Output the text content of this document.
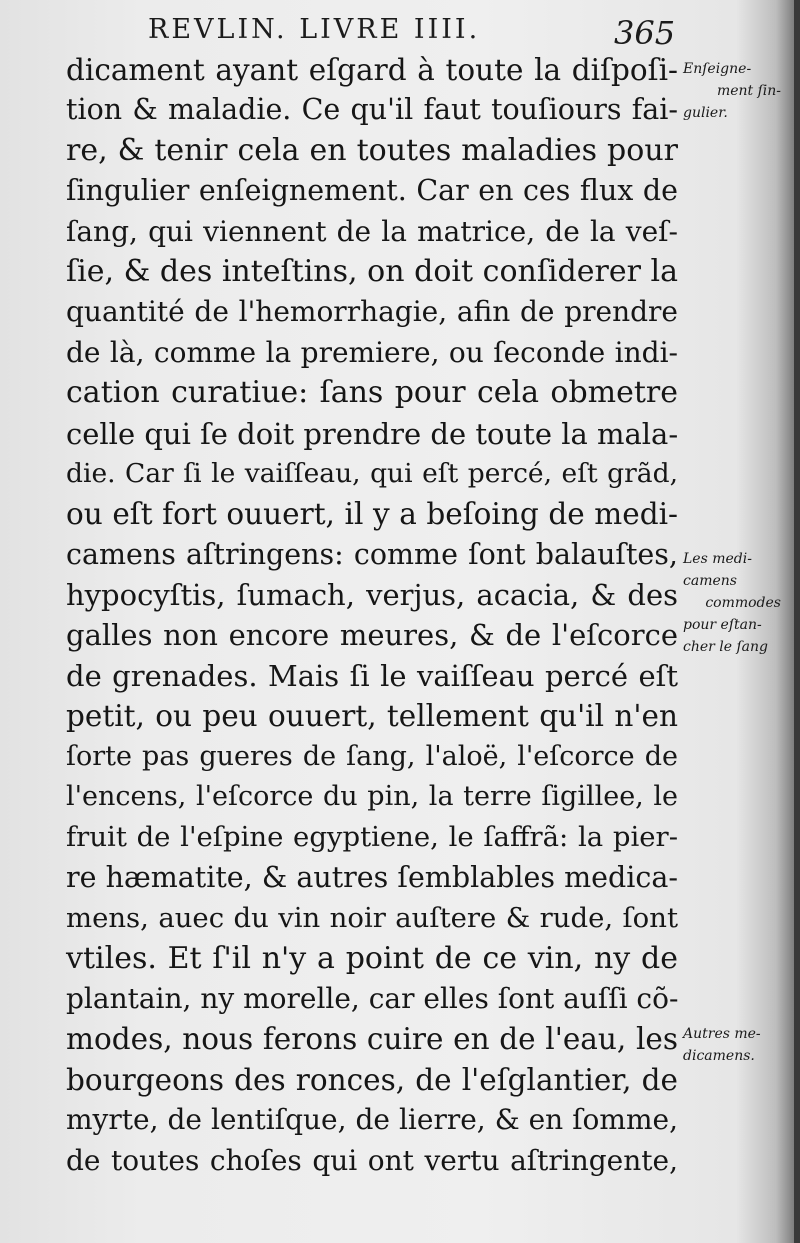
REVLIN. LIVRE IIII.	365
dicament ayant eſgard à toute la diſpoſi-
tion & maladie. Ce qu'il faut touſiours fai-
re, & tenir cela en toutes maladies pour
ſingulier enſeignement. Car en ces flux de
ſang, qui viennent de la matrice, de la veſ-
ſie, & des inteſtins, on doit conſiderer la
quantité de l'hemorrhagie, afin de prendre
de là, comme la premiere, ou ſeconde indi-
cation curatiue: ſans pour cela obmetre
celle qui ſe doit prendre de toute la mala-
die. Car ſi le vaiſſeau, qui eſt percé, eſt grãd,
ou eſt fort ouuert, il y a beſoing de medi-
camens aſtringens: comme ſont balauſtes,
hypocyſtis, ſumach, verjus, acacia, & des
galles non encore meures, & de l'eſcorce
de grenades. Mais ſi le vaiſſeau percé eſt
petit, ou peu ouuert, tellement qu'il n'en
ſorte pas gueres de ſang, l'aloë, l'eſcorce de
l'encens, l'eſcorce du pin, la terre ſigillee, le
fruit de l'eſpine egyptiene, le ſaffrã: la pier-
re hæmatite, & autres ſemblables medica-
mens, auec du vin noir auſtere & rude, ſont
vtiles. Et ſ'il n'y a point de ce vin, ny de
plantain, ny morelle, car elles ſont auſſi cõ-
modes, nous ferons cuire en de l'eau, les
bourgeons des ronces, de l'eſglantier, de
myrte, de lentiſque, de lierre, & en ſomme,
de toutes choſes qui ont vertu aſtringente,
Enſeigne-
ment ſin-
gulier.
Les medi-
camens
commodes
pour eſtan-
cher le ſang
Autres me-
dicamens.
